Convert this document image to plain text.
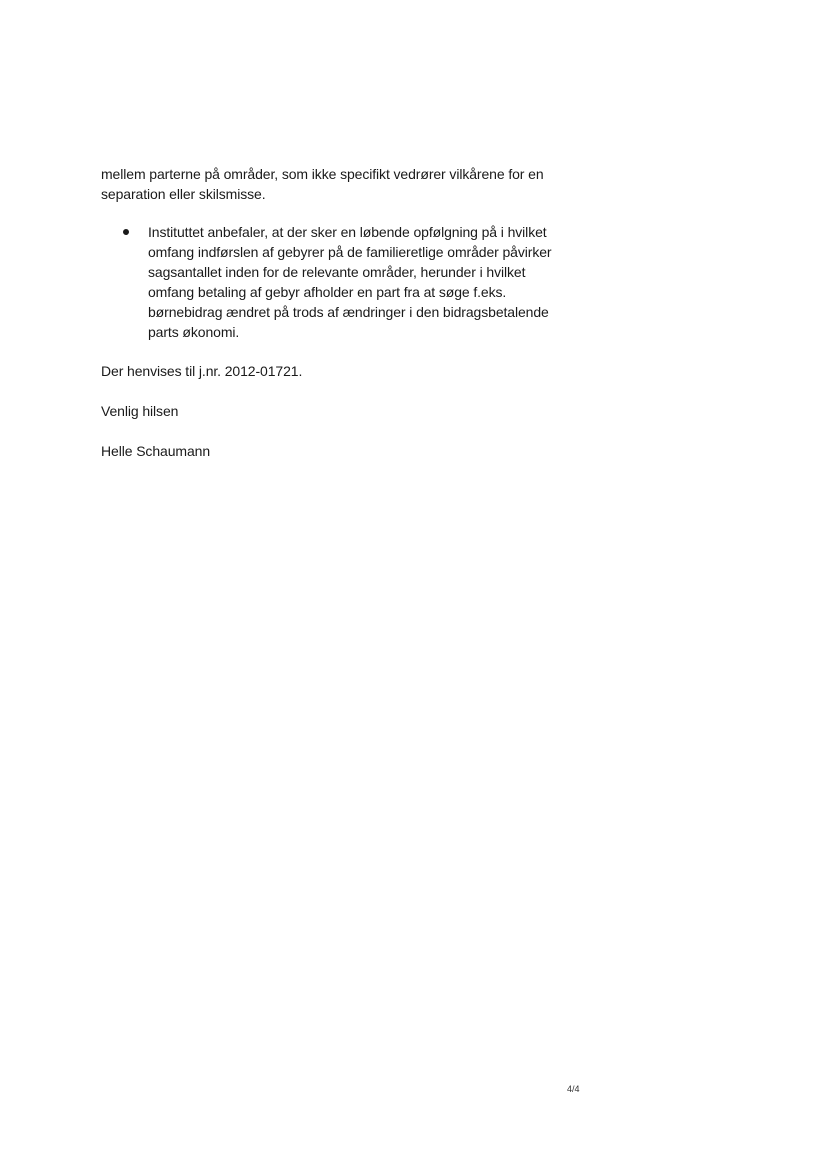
mellem parterne på områder, som ikke specifikt vedrører vilkårene for en separation eller skilsmisse.
Instituttet anbefaler, at der sker en løbende opfølgning på i hvilket omfang indførslen af gebyrer på de familieretlige områder påvirker sagsantallet inden for de relevante områder, herunder i hvilket omfang betaling af gebyr afholder en part fra at søge f.eks. børnebidrag ændret på trods af ændringer i den bidragsbetalende parts økonomi.
Der henvises til j.nr. 2012-01721.
Venlig hilsen
Helle Schaumann
4/4
